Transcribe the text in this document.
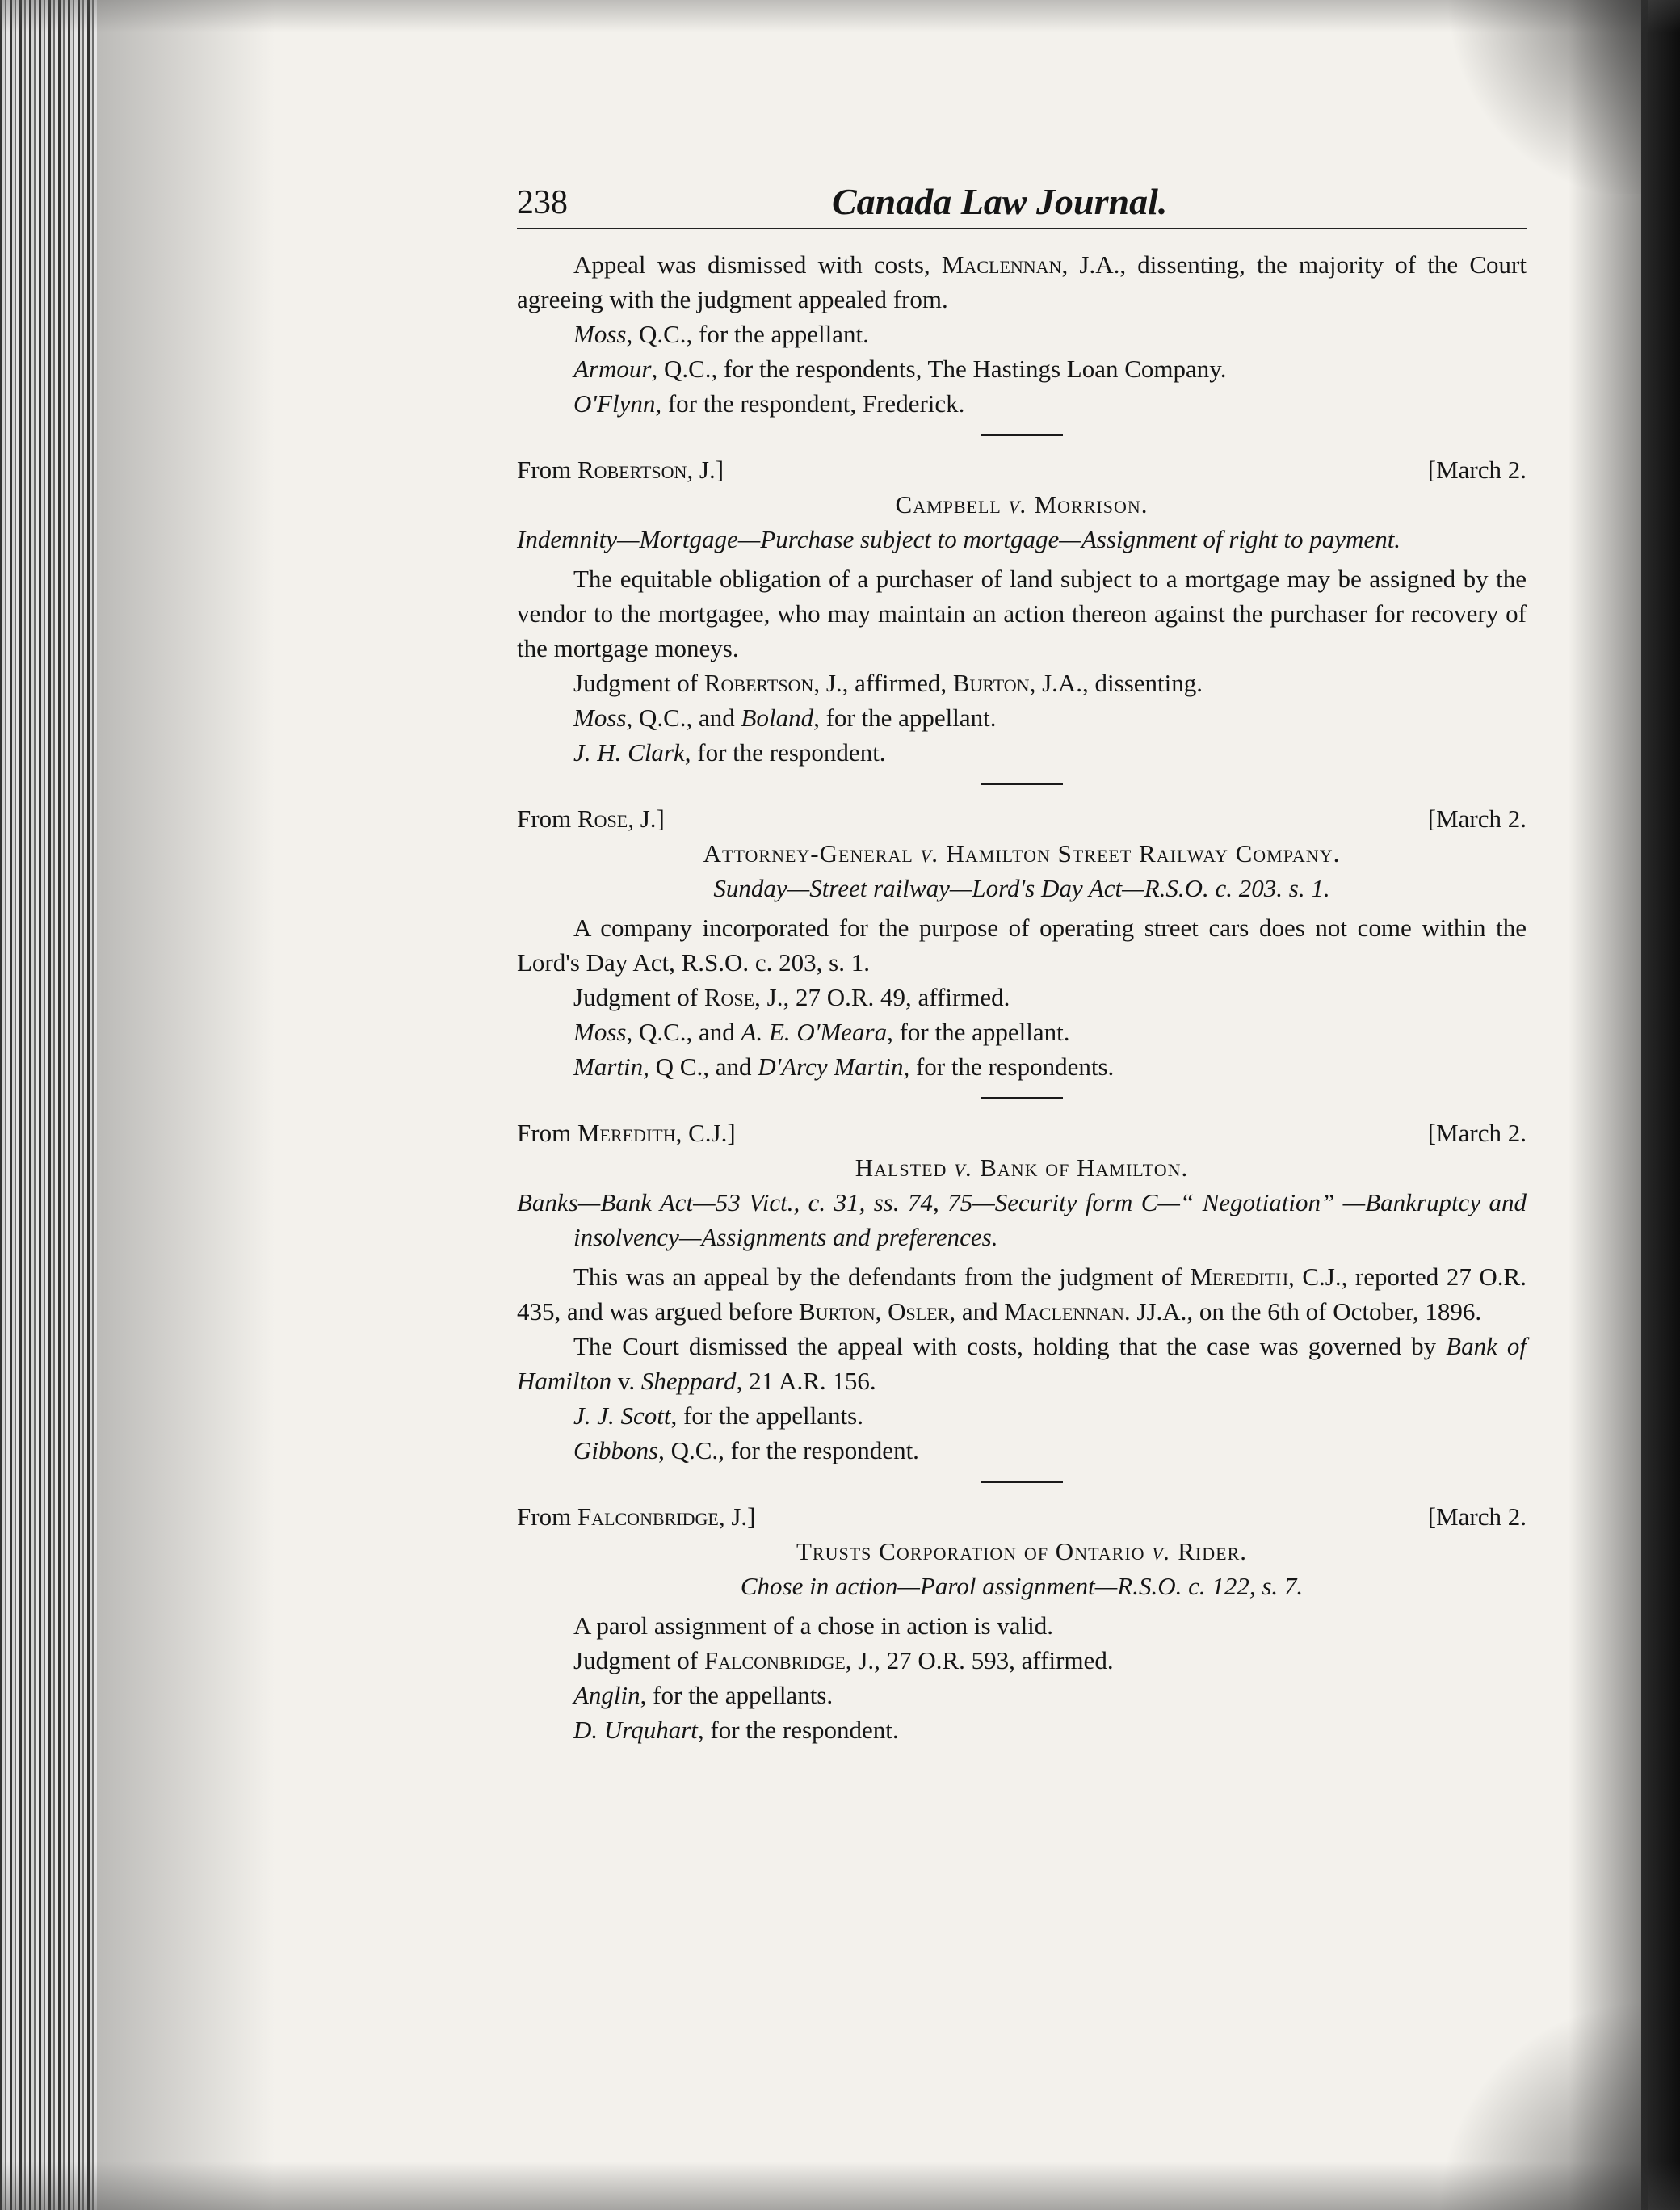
238	Canada Law Journal.

Appeal was dismissed with costs, Maclennan, J.A., dissenting, the majority of the Court agreeing with the judgment appealed from.

Moss, Q.C., for the appellant.

Armour, Q.C., for the respondents, The Hastings Loan Company.

O'Flynn, for the respondent, Frederick.

From Robertson, J.]	[March 2.

Campbell v. Morrison.

Indemnity—Mortgage—Purchase subject to mortgage—Assignment of right to payment.

The equitable obligation of a purchaser of land subject to a mortgage may be assigned by the vendor to the mortgagee, who may maintain an action thereon against the purchaser for recovery of the mortgage moneys.

Judgment of Robertson, J., affirmed, Burton, J.A., dissenting.

Moss, Q.C., and Boland, for the appellant.

J. H. Clark, for the respondent.

From Rose, J.]	[March 2.

Attorney-General v. Hamilton Street Railway Company.

Sunday—Street railway—Lord's Day Act—R.S.O. c. 203. s. 1.

A company incorporated for the purpose of operating street cars does not come within the Lord's Day Act, R.S.O. c. 203, s. 1.

Judgment of Rose, J., 27 O.R. 49, affirmed.

Moss, Q.C., and A. E. O'Meara, for the appellant.

Martin, Q C., and D'Arcy Martin, for the respondents.

From Meredith, C.J.]	[March 2.

Halsted v. Bank of Hamilton.

Banks—Bank Act—53 Vict., c. 31, ss. 74, 75—Security form C—“ Negotiation” —Bankruptcy and insolvency—Assignments and preferences.

This was an appeal by the defendants from the judgment of Meredith, C.J., reported 27 O.R. 435, and was argued before Burton, Osler, and Maclennan. JJ.A., on the 6th of October, 1896.

The Court dismissed the appeal with costs, holding that the case was governed by Bank of Hamilton v. Sheppard, 21 A.R. 156.

J. J. Scott, for the appellants.

Gibbons, Q.C., for the respondent.

From Falconbridge, J.]	[March 2.

Trusts Corporation of Ontario v. Rider.

Chose in action—Parol assignment—R.S.O. c. 122, s. 7.

A parol assignment of a chose in action is valid.

Judgment of Falconbridge, J., 27 O.R. 593, affirmed.

Anglin, for the appellants.

D. Urquhart, for the respondent.
